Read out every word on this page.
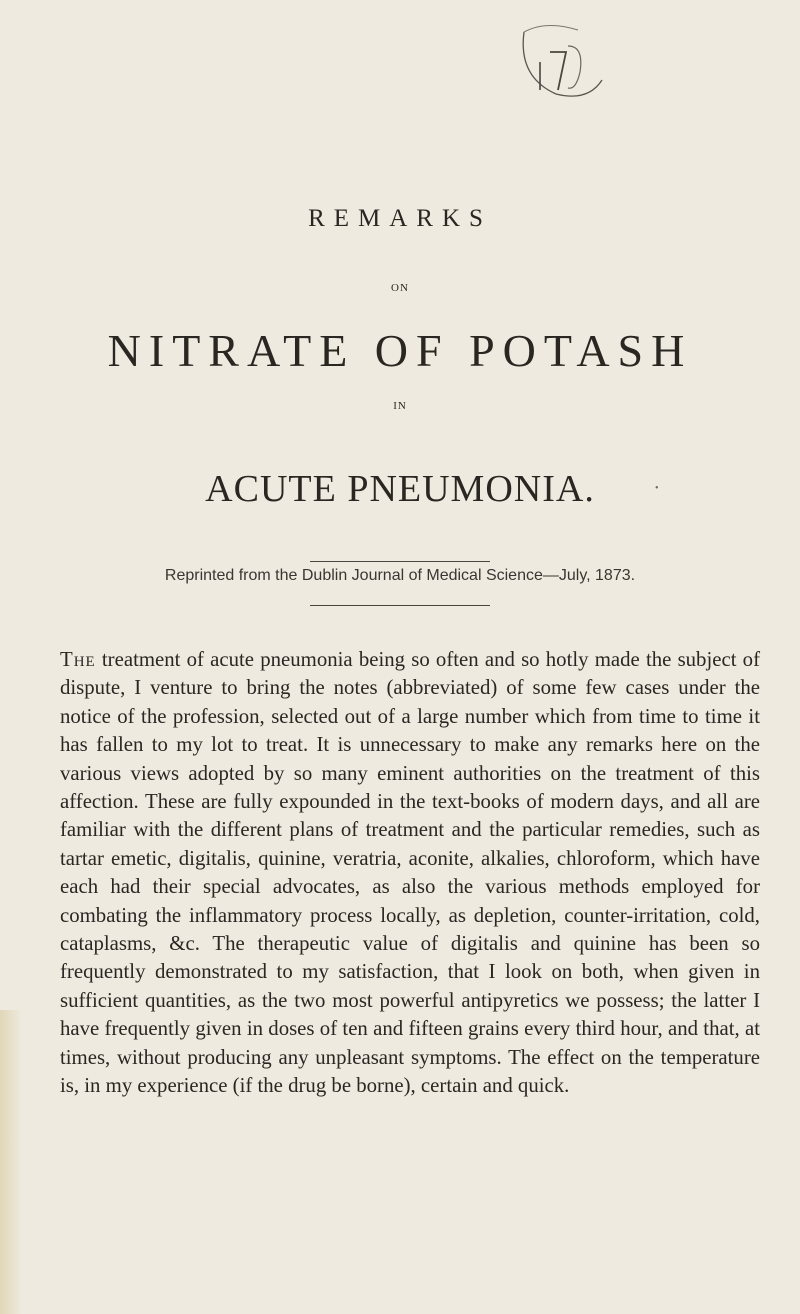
REMARKS
ON
NITRATE OF POTASH
IN
ACUTE PNEUMONIA.	•
Reprinted from the Dublin Journal of Medical Science—July, 1873.

The treatment of acute pneumonia being so often and so hotly made the subject of dispute, I venture to bring the notes (abbreviated) of some few cases under the notice of the profession, selected out of a large number which from time to time it has fallen to my lot to treat. It is unnecessary to make any remarks here on the various views adopted by so many eminent authorities on the treatment of this affection. These are fully expounded in the text-books of modern days, and all are familiar with the different plans of treatment and the particular remedies, such as tartar emetic, digitalis, quinine, veratria, aconite, alkalies, chloroform, which have each had their special advocates, as also the various methods employed for combating the inflammatory process locally, as depletion, counter-irritation, cold, cataplasms, &c. The therapeutic value of digitalis and quinine has been so frequently demonstrated to my satisfaction, that I look on both, when given in sufficient quantities, as the two most powerful antipyretics we possess; the latter I have frequently given in doses of ten and fifteen grains every third hour, and that, at times, without producing any unpleasant symptoms. The effect on the temperature is, in my experience (if the drug be borne), certain and quick.
